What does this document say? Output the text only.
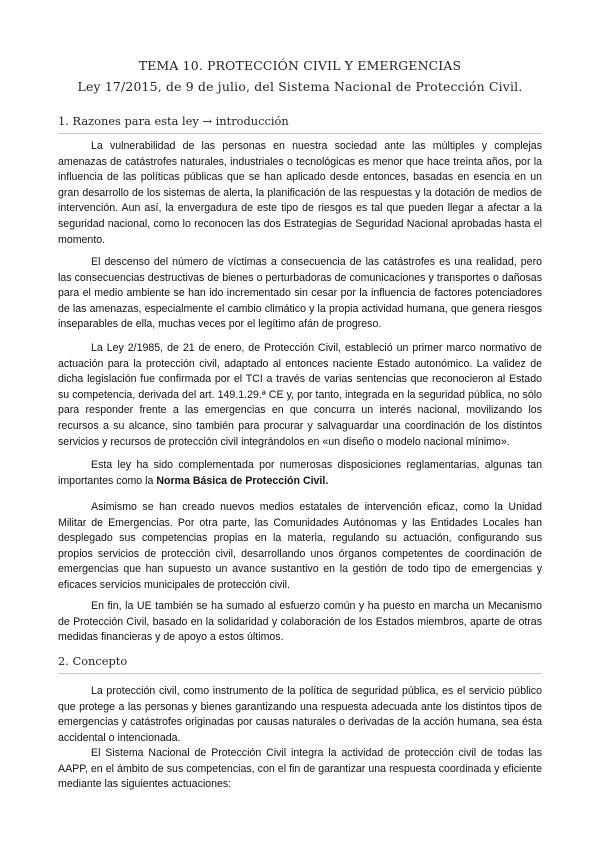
TEMA 10. PROTECCIÓN CIVIL Y EMERGENCIAS
Ley 17/2015, de 9 de julio, del Sistema Nacional de Protección Civil.
1. Razones para esta ley → introducción

La vulnerabilidad de las personas en nuestra sociedad ante las múltiples y complejas amenazas de catástrofes naturales, industriales o tecnológicas es menor que hace treinta años, por la influencia de las políticas públicas que se han aplicado desde entonces, basadas en esencia en un gran desarrollo de los sistemas de alerta, la planificación de las respuestas y la dotación de medios de intervención. Aun así, la envergadura de este tipo de riesgos es tal que pueden llegar a afectar a la seguridad nacional, como lo reconocen las dos Estrategias de Seguridad Nacional aprobadas hasta el momento.

El descenso del número de víctimas a consecuencia de las catástrofes es una realidad, pero las consecuencias destructivas de bienes o perturbadoras de comunicaciones y transportes o dañosas para el medio ambiente se han ido incrementado sin cesar por la influencia de factores potenciadores de las amenazas, especialmente el cambio climático y la propia actividad humana, que genera riesgos inseparables de ella, muchas veces por el legítimo afán de progreso.

La Ley 2/1985, de 21 de enero, de Protección Civil, estableció un primer marco normativo de actuación para la protección civil, adaptado al entonces naciente Estado autonómico. La validez de dicha legislación fue confirmada por el TCI a través de varias sentencias que reconocieron al Estado su competencia, derivada del art. 149.1.29.ª CE y, por tanto, integrada en la seguridad pública, no sólo para responder frente a las emergencias en que concurra un interés nacional, movilizando los recursos a su alcance, sino también para procurar y salvaguardar una coordinación de los distintos servicios y recursos de protección civil integrándolos en «un diseño o modelo nacional mínimo».

Esta ley ha sido complementada por numerosas disposiciones reglamentarias, algunas tan importantes como la Norma Básica de Protección Civil.

Asimismo se han creado nuevos medios estatales de intervención eficaz, como la Unidad Militar de Emergencias. Por otra parte, las Comunidades Autónomas y las Entidades Locales han desplegado sus competencias propias en la materia, regulando su actuación, configurando sus propios servicios de protección civil, desarrollando unos órganos competentes de coordinación de emergencias que han supuesto un avance sustantivo en la gestión de todo tipo de emergencias y eficaces servicios municipales de protección civil.

En fin, la UE también se ha sumado al esfuerzo común y ha puesto en marcha un Mecanismo de Protección Civil, basado en la solidaridad y colaboración de los Estados miembros, aparte de otras medidas financieras y de apoyo a estos últimos.

2. Concepto

La protección civil, como instrumento de la política de seguridad pública, es el servicio público que protege a las personas y bienes garantizando una respuesta adecuada ante los distintos tipos de emergencias y catástrofes originadas por causas naturales o derivadas de la acción humana, sea ésta accidental o intencionada.

El Sistema Nacional de Protección Civil integra la actividad de protección civil de todas las AAPP, en el ámbito de sus competencias, con el fin de garantizar una respuesta coordinada y eficiente mediante las siguientes actuaciones:
